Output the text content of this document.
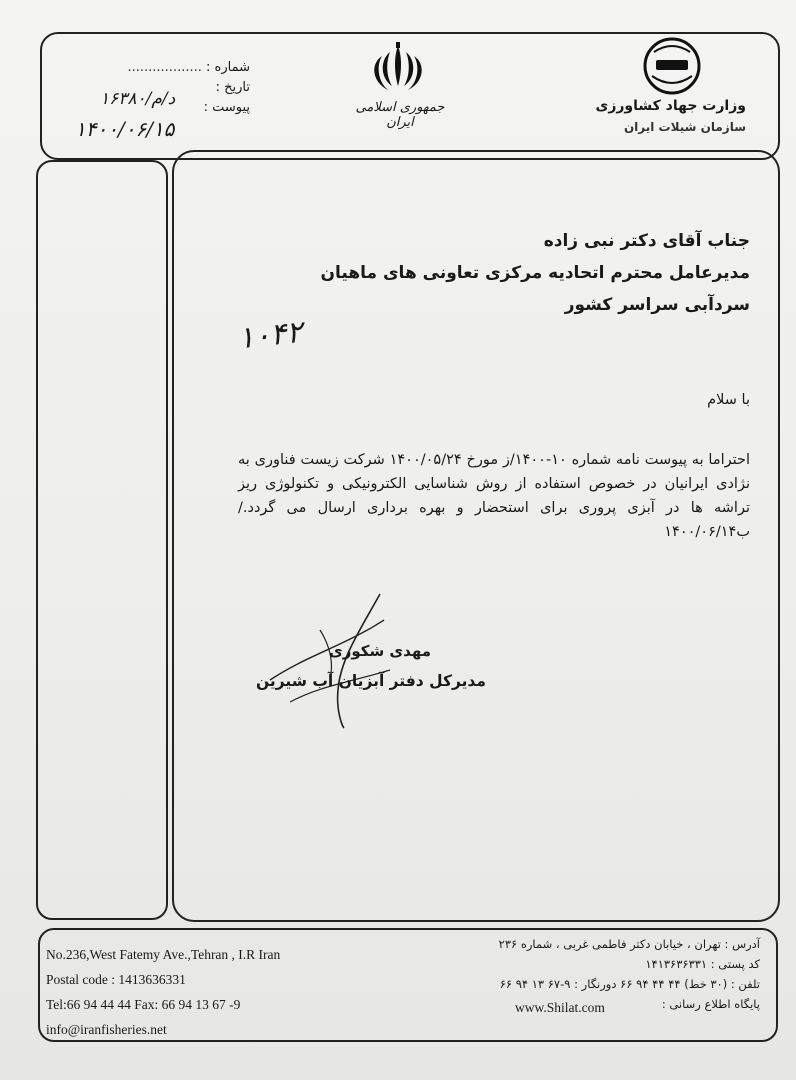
شماره : ..................
تاریخ :
پیوست :
۱۶۳۸۰/د/م
۱۴۰۰/۰۶/۱۵
جمهوری اسلامی ایران
وزارت جهاد کشاورزی
سازمان شیلات ایران
جناب آقای دکتر نبی زاده
مدیرعامل محترم اتحادیه مرکزی تعاونی های ماهیان
سردآبی سراسر کشور
۱۰۴۲
با سلام
احتراما به پیوست نامه شماره ۱۰-۱۴۰۰/ز مورخ ۱۴۰۰/۰۵/۲۴ شرکت زیست فناوری به نژادی ایرانیان در خصوص استفاده از روش شناسایی الکترونیکی و تکنولوژی ریز تراشه ها در آبزی پروری برای استحضار و بهره برداری ارسال می گردد./ب۱۴۰۰/۰۶/۱۴
مهدی شکوری
مدیرکل دفتر آبزیان آب شیرین
No.236,West Fatemy Ave.,Tehran , I.R Iran
Postal code : 1413636331
Tel:66 94 44 44 Fax: 66 94 13 67 -9
info@iranfisheries.net
آدرس : تهران ، خیابان دکتر فاطمی غربی ، شماره ۲۳۶
کد پستی : ۱۴۱۳۶۳۶۳۳۱
تلفن : (۳۰ خط) ۴۴ ۴۴ ۹۴ ۶۶ دورنگار : ۹-۶۷ ۱۳ ۹۴ ۶۶
پایگاه اطلاع رسانی :
www.Shilat.com
